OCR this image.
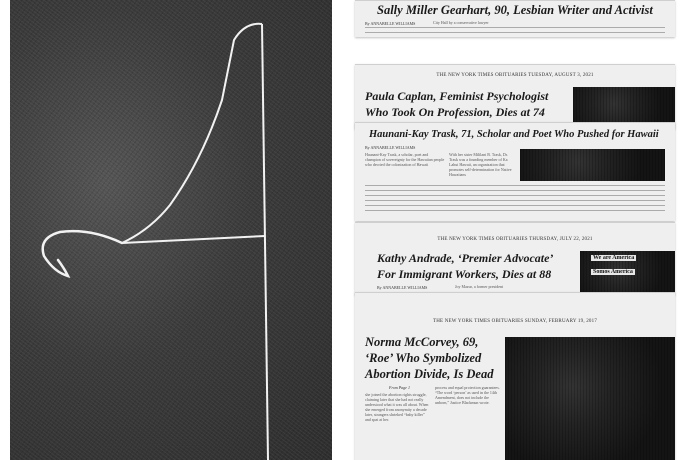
Sally Miller Gearhart, 90, Lesbian Writer and Activist
By ANNABELLE WILLIAMS	City Hall by a conservative lawyer
THE NEW YORK TIMES OBITUARIES TUESDAY, AUGUST 3, 2021
Paula Caplan, Feminist Psychologist
Who Took On Profession, Dies at 74
Haunani-Kay Trask, 71, Scholar and Poet Who Pushed for Hawaii
By ANNABELLE WILLIAMS
Haunani-Kay Trask, a scholar, poet and champion of sovereignty for the Hawaiian people who decried the colonization of Hawaii
With her sister Mililani B. Trask, Dr. Trask was a founding member of Ka Lahui Hawaii, an organization that promotes self-determination for Native Hawaiians
THE NEW YORK TIMES OBITUARIES THURSDAY, JULY 22, 2021
Kathy Andrade, ‘Premier Advocate’
For Immigrant Workers, Dies at 88
By ANNABELLE WILLIAMS	Joy Mazur, a former president
We are America
Somos America
THE NEW YORK TIMES OBITUARIES SUNDAY, FEBRUARY 19, 2017
Norma McCorvey, 69,
‘Roe’ Who Symbolized
Abortion Divide, Is Dead
From Page 1
she joined the abortion rights struggle, claiming later that she had not really understood what it was all about. When she emerged from anonymity a decade later, strangers shrieked “baby killer” and spat at her.
process and equal protection guarantees. “The word ‘person’ as used in the 14th Amendment, does not include the unborn,” Justice Blackmun wrote.
